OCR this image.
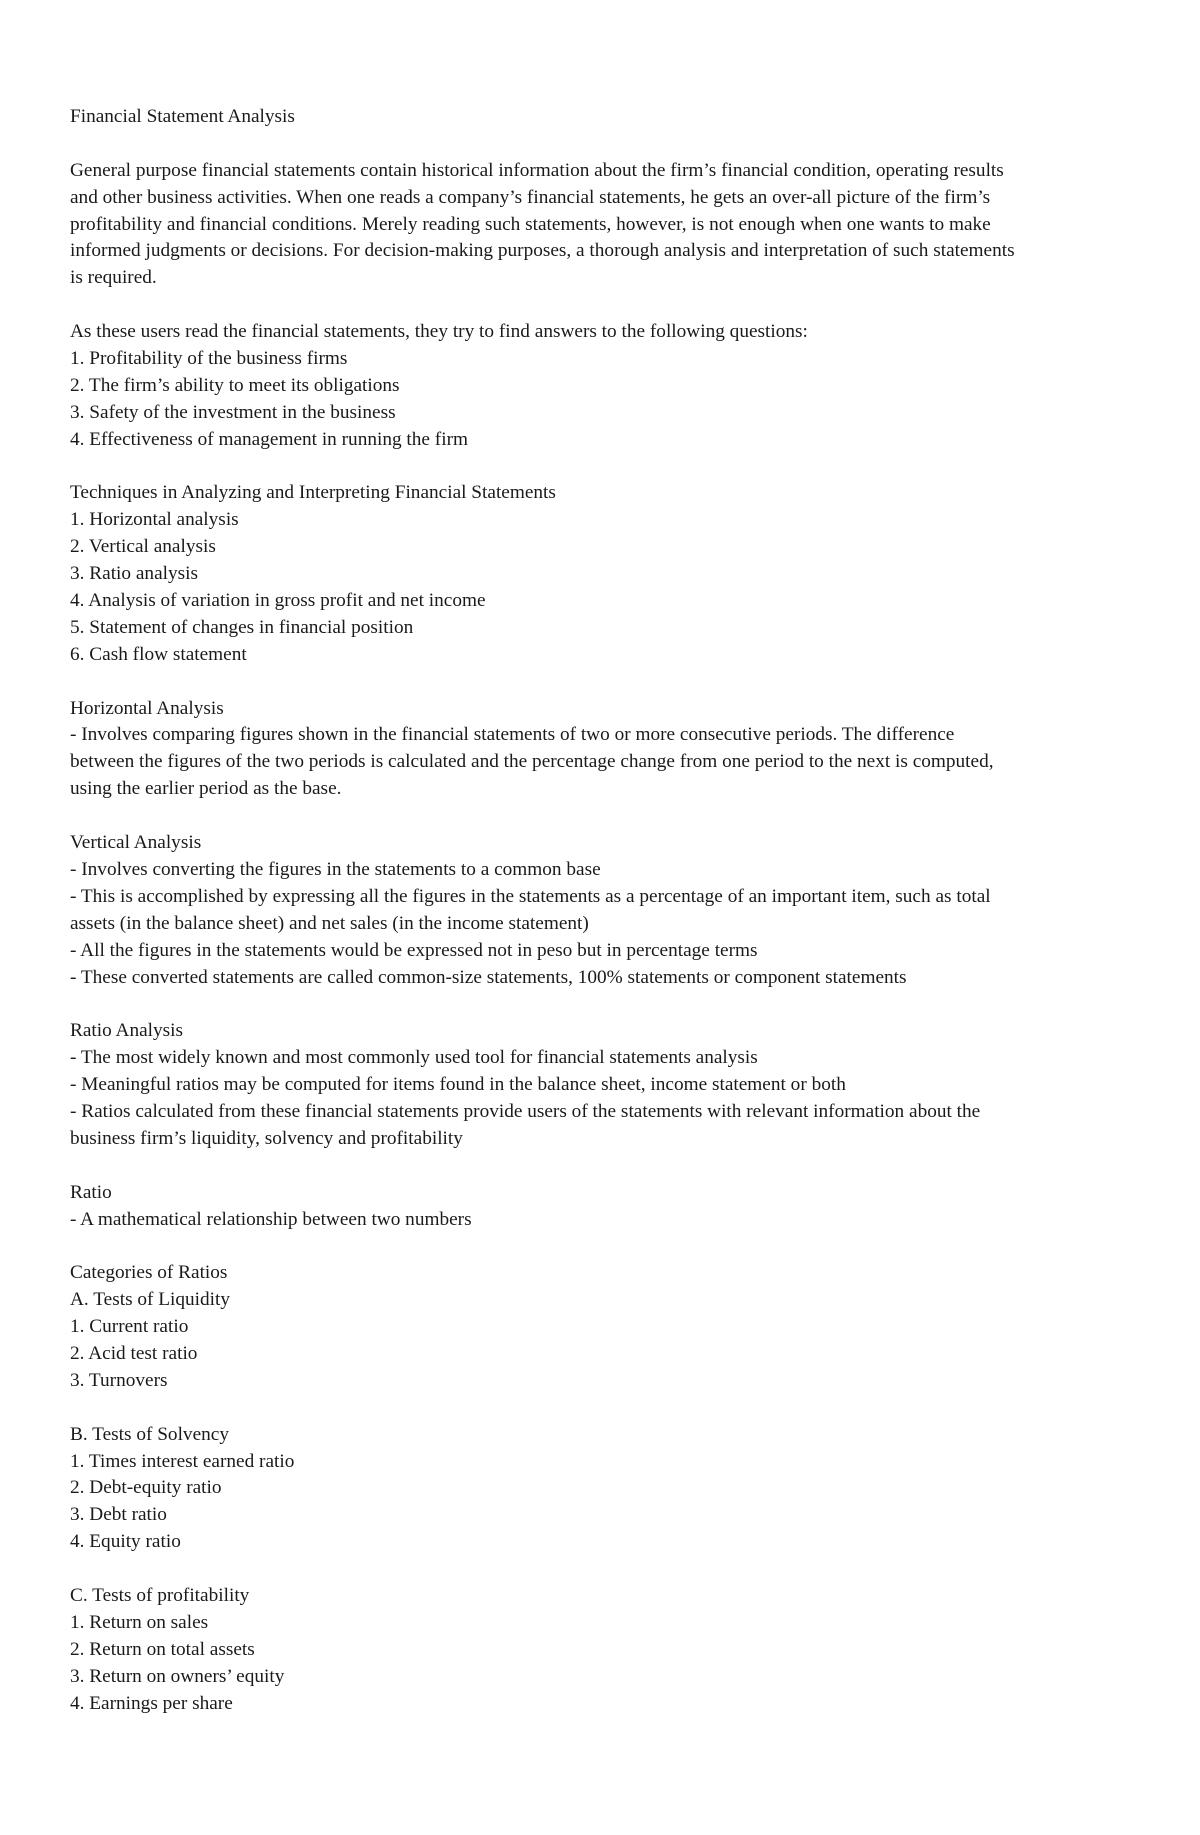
Financial Statement Analysis
General purpose financial statements contain historical information about the firm’s financial condition, operating results
and other business activities. When one reads a company’s financial statements, he gets an over-all picture of the firm’s
profitability and financial conditions. Merely reading such statements, however, is not enough when one wants to make
informed judgments or decisions. For decision-making purposes, a thorough analysis and interpretation of such statements
is required.
As these users read the financial statements, they try to find answers to the following questions:
1. Profitability of the business firms
2. The firm’s ability to meet its obligations
3. Safety of the investment in the business
4. Effectiveness of management in running the firm
Techniques in Analyzing and Interpreting Financial Statements
1. Horizontal analysis
2. Vertical analysis
3. Ratio analysis
4. Analysis of variation in gross profit and net income
5. Statement of changes in financial position
6. Cash flow statement
Horizontal Analysis
- Involves comparing figures shown in the financial statements of two or more consecutive periods. The difference
between the figures of the two periods is calculated and the percentage change from one period to the next is computed,
using the earlier period as the base.
Vertical Analysis
- Involves converting the figures in the statements to a common base
- This is accomplished by expressing all the figures in the statements as a percentage of an important item, such as total
assets (in the balance sheet) and net sales (in the income statement)
- All the figures in the statements would be expressed not in peso but in percentage terms
- These converted statements are called common-size statements, 100% statements or component statements
Ratio Analysis
- The most widely known and most commonly used tool for financial statements analysis
- Meaningful ratios may be computed for items found in the balance sheet, income statement or both
- Ratios calculated from these financial statements provide users of the statements with relevant information about the
business firm’s liquidity, solvency and profitability
Ratio
- A mathematical relationship between two numbers
Categories of Ratios
A. Tests of Liquidity
1. Current ratio
2. Acid test ratio
3. Turnovers
B. Tests of Solvency
1. Times interest earned ratio
2. Debt-equity ratio
3. Debt ratio
4. Equity ratio
C. Tests of profitability
1. Return on sales
2. Return on total assets
3. Return on owners’ equity
4. Earnings per share
